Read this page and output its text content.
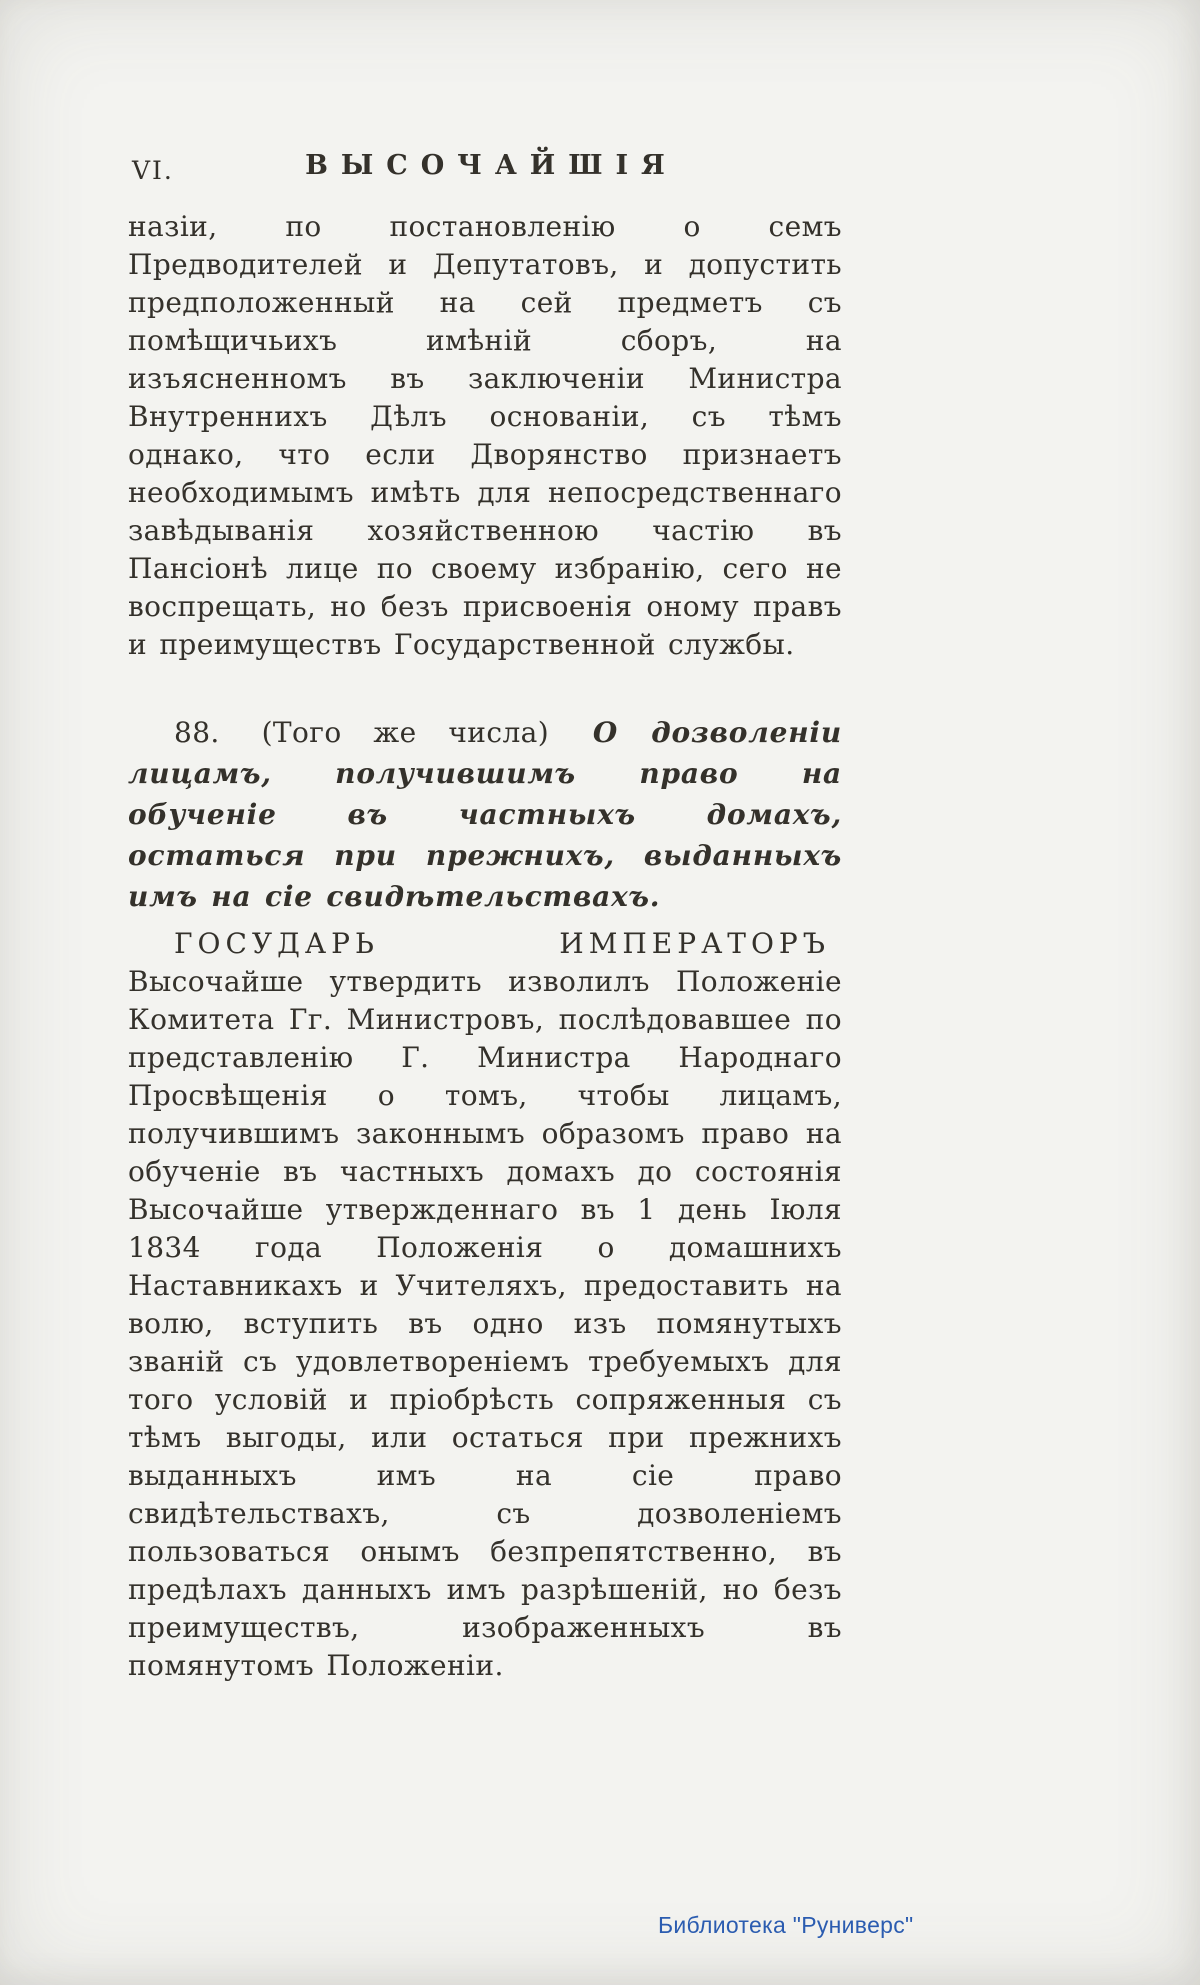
VI.	ВЫСОЧАЙШІЯ

назіи, по постановленію о семъ Предводителей и Депутатовъ, и допустить предположенный на сей предметъ съ помѣщичьихъ имѣній сборъ, на изъясненномъ въ заключеніи Министра Внутреннихъ Дѣлъ основаніи, съ тѣмъ однако, что если Дворянство признаетъ необходимымъ имѣть для непосредственнаго завѣдыванія хозяйственною частію въ Пансіонѣ лице по своему избранію, сего не воспрещать, но безъ присвоенія оному правъ и преимуществъ Государственной службы.

88. (Того же числа) О дозволеніи лицамъ, получившимъ право на обученіе въ частныхъ домахъ, остаться при прежнихъ, выданныхъ имъ на сіе свидѣтельствахъ.

ГОСУДАРЬ ИМПЕРАТОРЪ Высочайше утвердить изволилъ Положеніе Комитета Гг. Министровъ, послѣдовавшее по представленію Г. Министра Народнаго Просвѣщенія о томъ, чтобы лицамъ, получившимъ законнымъ образомъ право на обученіе въ частныхъ домахъ до состоянія Высочайше утвержденнаго въ 1 день Іюля 1834 года Положенія о домашнихъ Наставникахъ и Учителяхъ, предоставить на волю, вступить въ одно изъ помянутыхъ званій съ удовлетвореніемъ требуемыхъ для того условій и пріобрѣсть сопряженныя съ тѣмъ выгоды, или остаться при прежнихъ выданныхъ имъ на сіе право свидѣтельствахъ, съ дозволеніемъ пользоваться онымъ безпрепятственно, въ предѣлахъ данныхъ имъ разрѣшеній, но безъ преимуществъ, изображенныхъ въ помянутомъ Положеніи.

Библиотека "Руниверс"
